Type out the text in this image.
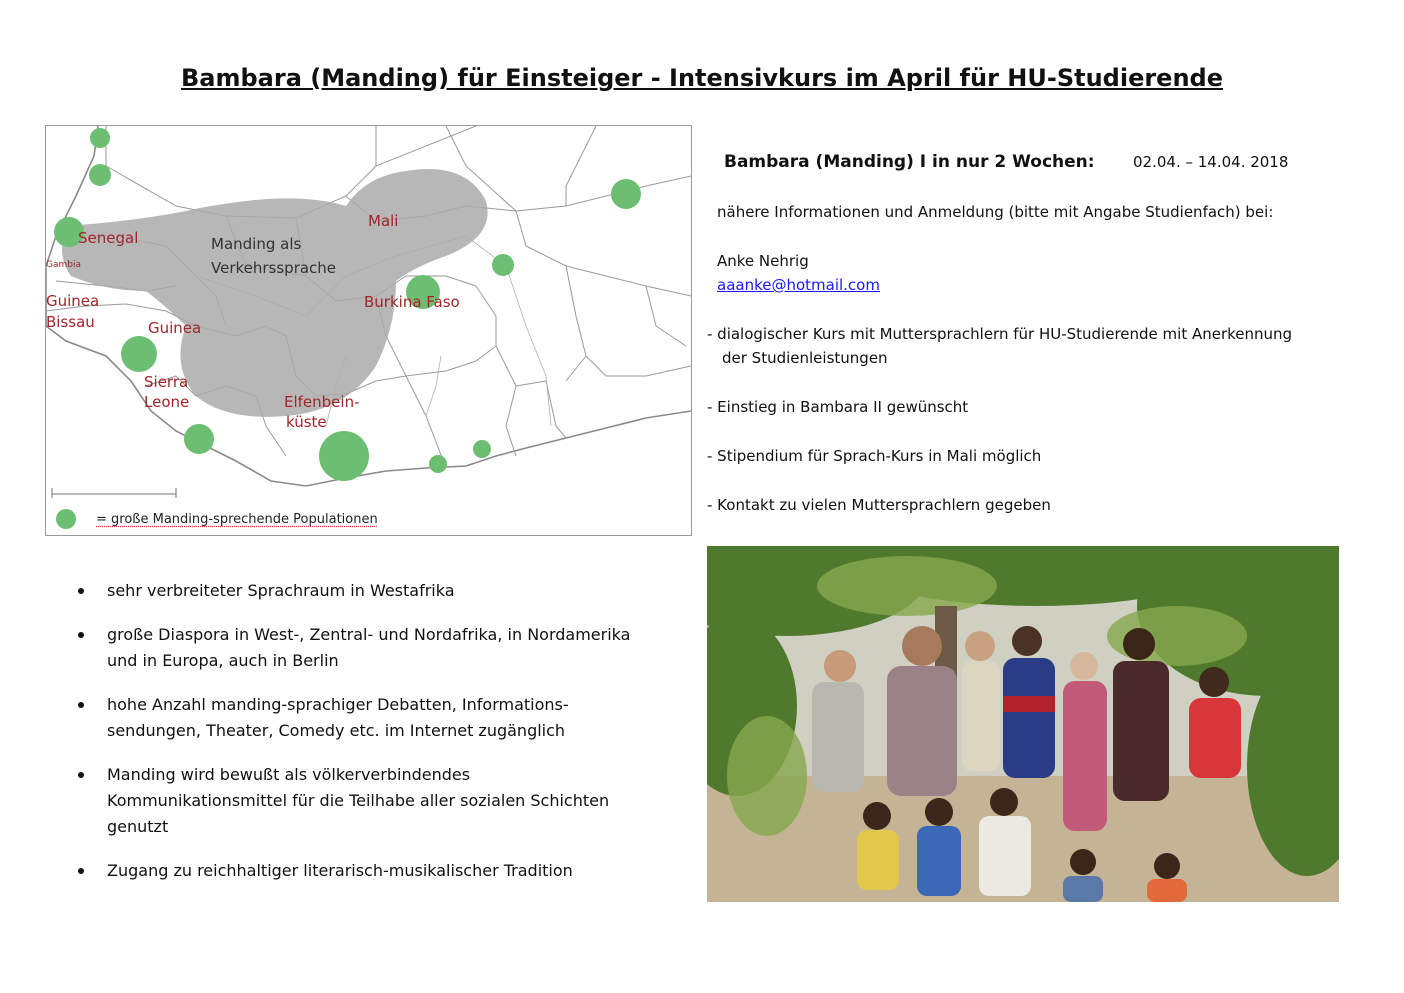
Bambara (Manding) für Einsteiger - Intensivkurs im April für HU-Studierende
Senegal
Gambia
Guinea
Bissau	Guinea
Sierra
Leone
Mali
Burkina Faso
Elfenbein-
küste
Manding als
Verkehrssprache
= große Manding-sprechende Populationen
Bambara (Manding) I in nur 2 Wochen:	02.04. – 14.04. 2018
nähere Informationen und Anmeldung (bitte mit Angabe Studienfach) bei:
Anke Nehrig
aaanke@hotmail.com
- dialogischer Kurs mit Muttersprachlern für HU-Studierende mit Anerkennung
der Studienleistungen
- Einstieg in Bambara II gewünscht
- Stipendium für Sprach-Kurs in Mali möglich
- Kontakt zu vielen Muttersprachlern gegeben
sehr verbreiteter Sprachraum in Westafrika
große Diaspora in West-, Zentral- und Nordafrika, in Nordamerika
und in Europa, auch in Berlin
hohe Anzahl manding-sprachiger Debatten, Informations-
sendungen, Theater, Comedy etc. im Internet zugänglich
Manding wird bewußt als völkerverbindendes
Kommunikationsmittel für die Teilhabe aller sozialen Schichten
genutzt
Zugang zu reichhaltiger literarisch-musikalischer Tradition
